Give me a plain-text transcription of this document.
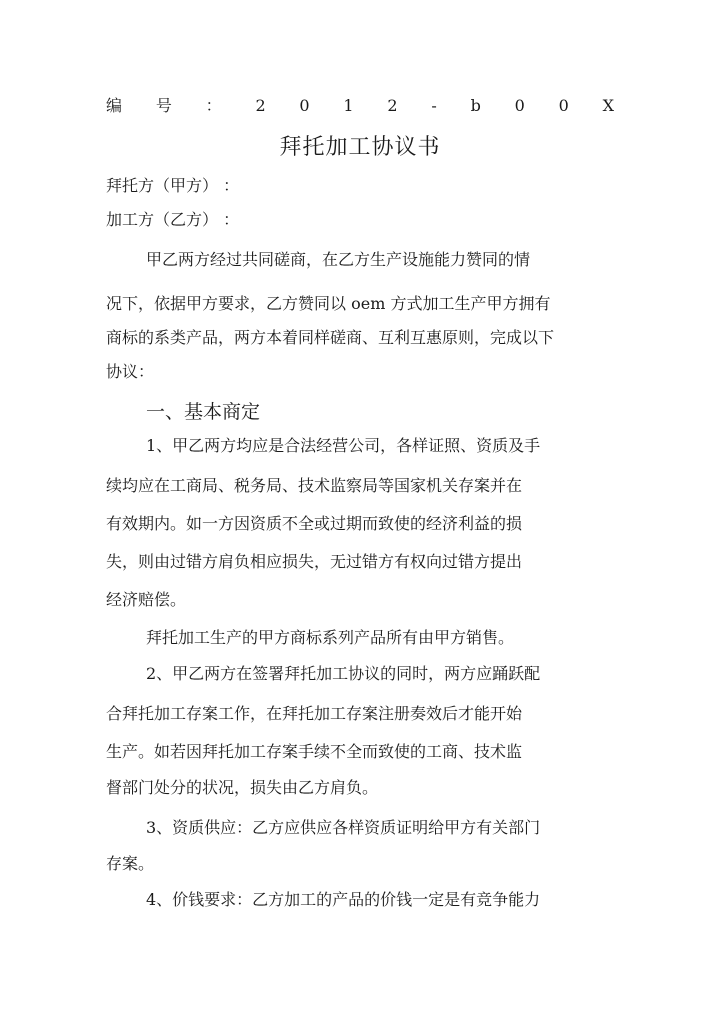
编 号 ： 2 0 1 2 - b 0 0 X
拜托加工协议书
拜托方（甲方） ：
加工方（乙方） ：
甲乙两方经过共同磋商，在乙方生产设施能力赞同的情
况下，依据甲方要求，乙方赞同以 oem 方式加工生产甲方拥有
商标的系类产品，两方本着同样磋商、互利互惠原则，完成以下
协议：
一、基本商定
1、甲乙两方均应是合法经营公司，各样证照、资质及手
续均应在工商局、税务局、技术监察局等国家机关存案并在
有效期内。如一方因资质不全或过期而致使的经济利益的损
失，则由过错方肩负相应损失，无过错方有权向过错方提出
经济赔偿。
拜托加工生产的甲方商标系列产品所有由甲方销售。
2、甲乙两方在签署拜托加工协议的同时，两方应踊跃配
合拜托加工存案工作，在拜托加工存案注册奏效后才能开始
生产。如若因拜托加工存案手续不全而致使的工商、技术监
督部门处分的状况，损失由乙方肩负。
3、资质供应：乙方应供应各样资质证明给甲方有关部门
存案。
4、价钱要求：乙方加工的产品的价钱一定是有竞争能力
